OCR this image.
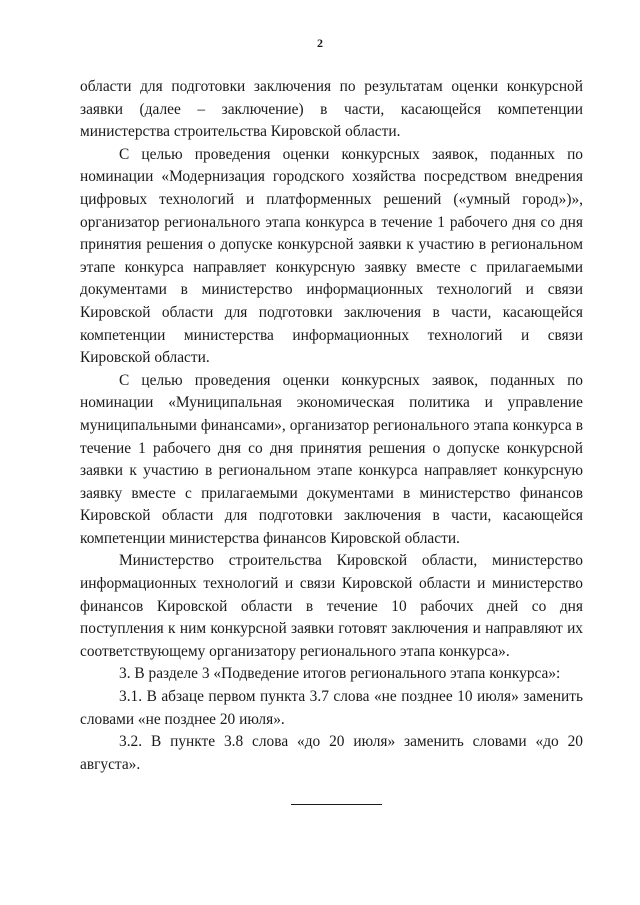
2

области для подготовки заключения по результатам оценки конкурсной заявки (далее – заключение) в части, касающейся компетенции министерства строительства Кировской области.

С целью проведения оценки конкурсных заявок, поданных по номинации «Модернизация городского хозяйства посредством внедрения цифровых технологий и платформенных решений («умный город»)», организатор регионального этапа конкурса в течение 1 рабочего дня со дня принятия решения о допуске конкурсной заявки к участию в региональном этапе конкурса направляет конкурсную заявку вместе с прилагаемыми документами в министерство информационных технологий и связи Кировской области для подготовки заключения в части, касающейся компетенции министерства информационных технологий и связи Кировской области.

С целью проведения оценки конкурсных заявок, поданных по номинации «Муниципальная экономическая политика и управление муниципальными финансами», организатор регионального этапа конкурса в течение 1 рабочего дня со дня принятия решения о допуске конкурсной заявки к участию в региональном этапе конкурса направляет конкурсную заявку вместе с прилагаемыми документами в министерство финансов Кировской области для подготовки заключения в части, касающейся компетенции министерства финансов Кировской области.

Министерство строительства Кировской области, министерство информационных технологий и связи Кировской области и министерство финансов Кировской области в течение 10 рабочих дней со дня поступления к ним конкурсной заявки готовят заключения и направляют их соответствующему организатору регионального этапа конкурса».

3. В разделе 3 «Подведение итогов регионального этапа конкурса»:

3.1. В абзаце первом пункта 3.7 слова «не позднее 10 июля» заменить словами «не позднее 20 июля».

3.2. В пункте 3.8 слова «до 20 июля» заменить словами «до 20 августа».
